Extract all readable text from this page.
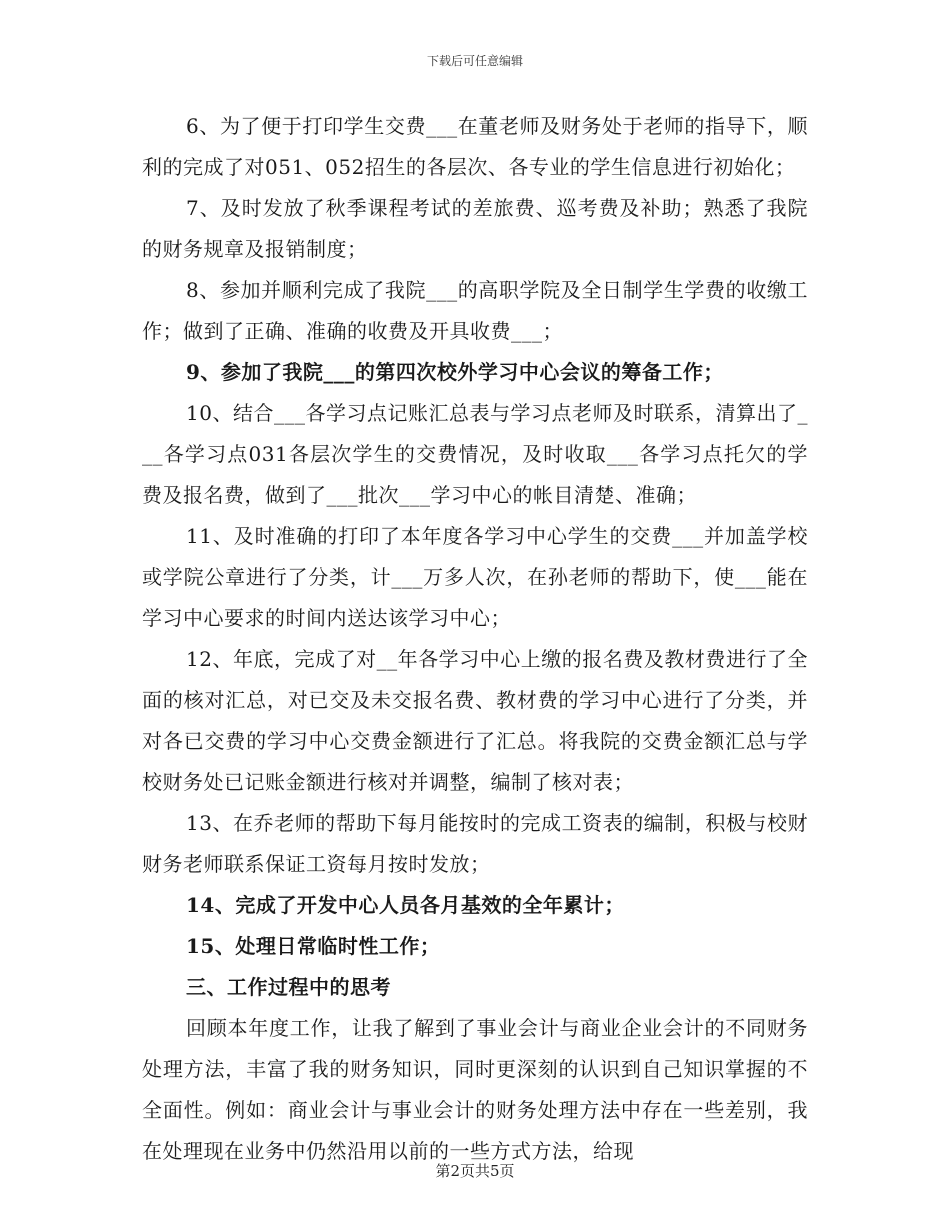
下载后可任意编辑

6、为了便于打印学生交费___在董老师及财务处于老师的指导下，顺利的完成了对051、052招生的各层次、各专业的学生信息进行初始化；

7、及时发放了秋季课程考试的差旅费、巡考费及补助；熟悉了我院的财务规章及报销制度；

8、参加并顺利完成了我院___的高职学院及全日制学生学费的收缴工作；做到了正确、准确的收费及开具收费___；

9、参加了我院___的第四次校外学习中心会议的筹备工作；

10、结合___各学习点记账汇总表与学习点老师及时联系，清算出了___各学习点031各层次学生的交费情况，及时收取___各学习点托欠的学费及报名费，做到了___批次___学习中心的帐目清楚、准确；

11、及时准确的打印了本年度各学习中心学生的交费___并加盖学校或学院公章进行了分类，计___万多人次，在孙老师的帮助下，使___能在学习中心要求的时间内送达该学习中心；

12、年底，完成了对__年各学习中心上缴的报名费及教材费进行了全面的核对汇总，对已交及未交报名费、教材费的学习中心进行了分类，并对各已交费的学习中心交费金额进行了汇总。将我院的交费金额汇总与学校财务处已记账金额进行核对并调整，编制了核对表；

13、在乔老师的帮助下每月能按时的完成工资表的编制，积极与校财财务老师联系保证工资每月按时发放；

14、完成了开发中心人员各月基效的全年累计；

15、处理日常临时性工作；

三、工作过程中的思考

回顾本年度工作，让我了解到了事业会计与商业企业会计的不同财务处理方法，丰富了我的财务知识，同时更深刻的认识到自己知识掌握的不全面性。例如：商业会计与事业会计的财务处理方法中存在一些差别，我在处理现在业务中仍然沿用以前的一些方式方法，给现

第2页共5页
